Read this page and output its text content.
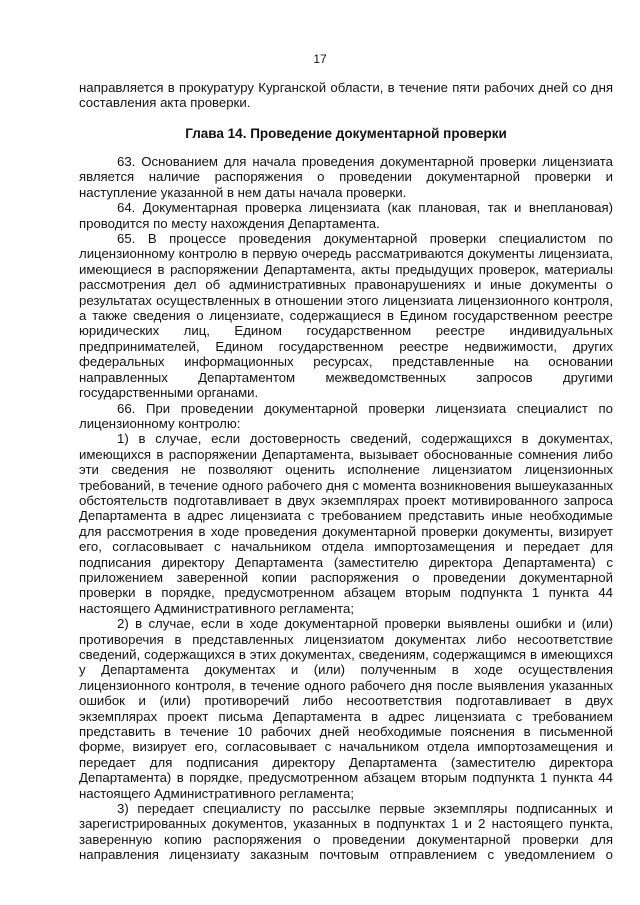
17

направляется в прокуратуру Курганской области, в течение пяти рабочих дней со дня составления акта проверки.

Глава 14. Проведение документарной проверки

63. Основанием для начала проведения документарной проверки лицензиата является наличие распоряжения о проведении документарной проверки и наступление указанной в нем даты начала проверки.

64. Документарная проверка лицензиата (как плановая, так и внеплановая) проводится по месту нахождения Департамента.

65. В процессе проведения документарной проверки специалистом по лицензионному контролю в первую очередь рассматриваются документы лицензиата, имеющиеся в распоряжении Департамента, акты предыдущих проверок, материалы рассмотрения дел об административных правонарушениях и иные документы о результатах осуществленных в отношении этого лицензиата лицензионного контроля, а также сведения о лицензиате, содержащиеся в Едином государственном реестре юридических лиц, Едином государственном реестре индивидуальных предпринимателей, Едином государственном реестре недвижимости, других федеральных информационных ресурсах, представленные на основании направленных Департаментом межведомственных запросов другими государственными органами.

66. При проведении документарной проверки лицензиата специалист по лицензионному контролю:

1) в случае, если достоверность сведений, содержащихся в документах, имеющихся в распоряжении Департамента, вызывает обоснованные сомнения либо эти сведения не позволяют оценить исполнение лицензиатом лицензионных требований, в течение одного рабочего дня с момента возникновения вышеуказанных обстоятельств подготавливает в двух экземплярах проект мотивированного запроса Департамента в адрес лицензиата с требованием представить иные необходимые для рассмотрения в ходе проведения документарной проверки документы, визирует его, согласовывает с начальником отдела импортозамещения и передает для подписания директору Департамента (заместителю директора Департамента) с приложением заверенной копии распоряжения о проведении документарной проверки в порядке, предусмотренном абзацем вторым подпункта 1 пункта 44 настоящего Административного регламента;

2) в случае, если в ходе документарной проверки выявлены ошибки и (или) противоречия в представленных лицензиатом документах либо несоответствие сведений, содержащихся в этих документах, сведениям, содержащимся в имеющихся у Департамента документах и (или) полученным в ходе осуществления лицензионного контроля, в течение одного рабочего дня после выявления указанных ошибок и (или) противоречий либо несоответствия подготавливает в двух экземплярах проект письма Департамента в адрес лицензиата с требованием представить в течение 10 рабочих дней необходимые пояснения в письменной форме, визирует его, согласовывает с начальником отдела импортозамещения и передает для подписания директору Департамента (заместителю директора Департамента) в порядке, предусмотренном абзацем вторым подпункта 1 пункта 44 настоящего Административного регламента;

3) передает специалисту по рассылке первые экземпляры подписанных и зарегистрированных документов, указанных в подпунктах 1 и 2 настоящего пункта, заверенную копию распоряжения о проведении документарной проверки для направления лицензиату заказным почтовым отправлением с уведомлением о
